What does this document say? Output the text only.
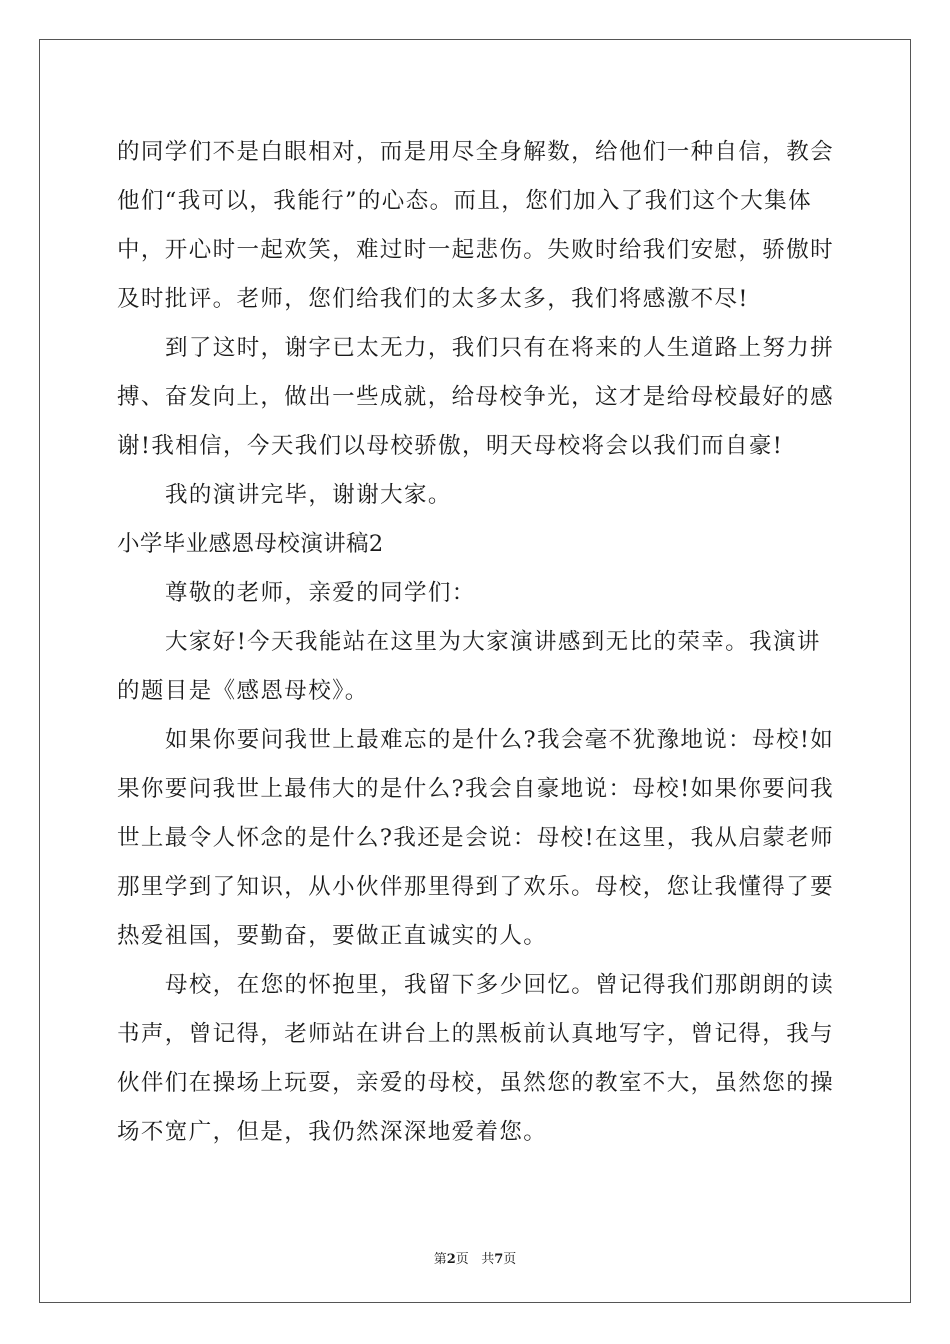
的同学们不是白眼相对，而是用尽全身解数，给他们一种自信，教会
他们“我可以，我能行”的心态。而且，您们加入了我们这个大集体
中，开心时一起欢笑，难过时一起悲伤。失败时给我们安慰，骄傲时
及时批评。老师，您们给我们的太多太多，我们将感激不尽!
到了这时，谢字已太无力，我们只有在将来的人生道路上努力拼
搏、奋发向上，做出一些成就，给母校争光，这才是给母校最好的感
谢!我相信，今天我们以母校骄傲，明天母校将会以我们而自豪!
我的演讲完毕，谢谢大家。
小学毕业感恩母校演讲稿2
尊敬的老师，亲爱的同学们：
大家好!今天我能站在这里为大家演讲感到无比的荣幸。我演讲
的题目是《感恩母校》。
如果你要问我世上最难忘的是什么?我会毫不犹豫地说：母校!如
果你要问我世上最伟大的是什么?我会自豪地说：母校!如果你要问我
世上最令人怀念的是什么?我还是会说：母校!在这里，我从启蒙老师
那里学到了知识，从小伙伴那里得到了欢乐。母校，您让我懂得了要
热爱祖国，要勤奋，要做正直诚实的人。
母校，在您的怀抱里，我留下多少回忆。曾记得我们那朗朗的读
书声，曾记得，老师站在讲台上的黑板前认真地写字，曾记得，我与
伙伴们在操场上玩耍，亲爱的母校，虽然您的教室不大，虽然您的操
场不宽广，但是，我仍然深深地爱着您。
第2页 共7页
